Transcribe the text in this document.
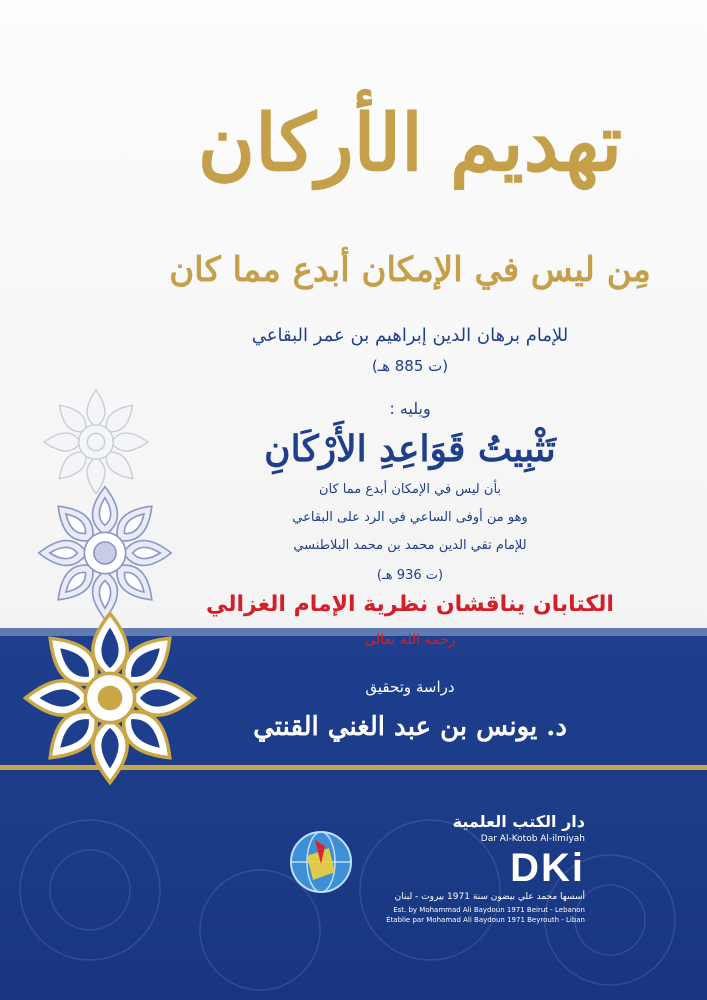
تهديم الأركان
مِن ليس في الإمكان أبدع مما كان
للإمام برهان الدين إبراهيم بن عمر البقاعي
(ت 885 هـ)
ويليه :
تَثْبِيتُ قَوَاعِدِ الأَرْكَانِ
بأن ليس في الإمكان أبدع مما كان
وهو من أوفى الساعي في الرد على البقاعي
للإمام تقي الدين محمد بن محمد البلاطنسي
(ت 936 هـ)
الكتابان يناقشان نظرية الإمام الغزالي
رحمه الله تعالى
دراسة وتحقيق
د. يونس بن عبد الغني القنتي
دار الكتب العلمية
Dar Al-Kotob Al-ilmiyah
DKi
أسسها محمد علي بيضون سنة 1971 بيروت - لبنان
Est. by Mohammad Ali Baydoun 1971 Beirut - Lebanon
Établie par Mohamad Ali Baydoun 1971 Beyrouth - Liban
